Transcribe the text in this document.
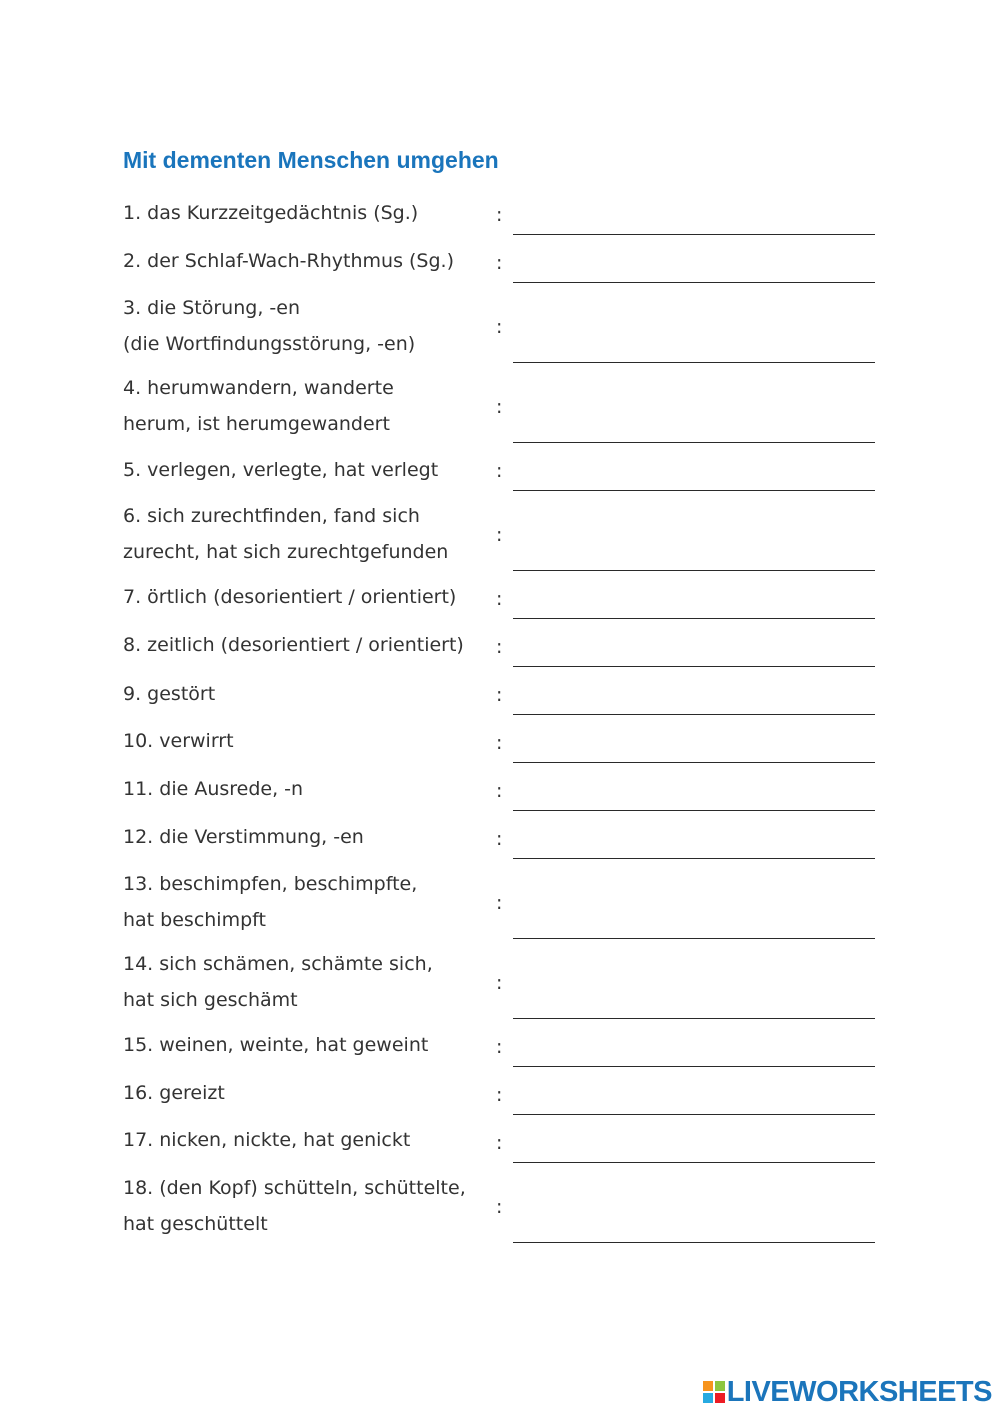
Mit dementen Menschen umgehen
1. das Kurzzeitgedächtnis (Sg.)	:
2. der Schlaf-Wach-Rhythmus (Sg.) :
3. die Störung, -en
(die Wortfindungsstörung, -en)
:
4. herumwandern, wanderte
herum, ist herumgewandert
:
5. verlegen, verlegte, hat verlegt	:
6. sich zurechtfinden, fand sich
zurecht, hat sich zurechtgefunden
:
7. örtlich (desorientiert / orientiert) :
8. zeitlich (desorientiert / orientiert) :
9. gestört	:
10. verwirrt	:
11. die Ausrede, -n	:
12. die Verstimmung, -en	:
13. beschimpfen, beschimpfte,
hat beschimpft
:
14. sich schämen, schämte sich,
hat sich geschämt
:
15. weinen, weinte, hat geweint	:
16. gereizt	:
17. nicken, nickte, hat genickt	:
18. (den Kopf) schütteln, schüttelte,
hat geschüttelt
:
LIVEWORKSHEETS
